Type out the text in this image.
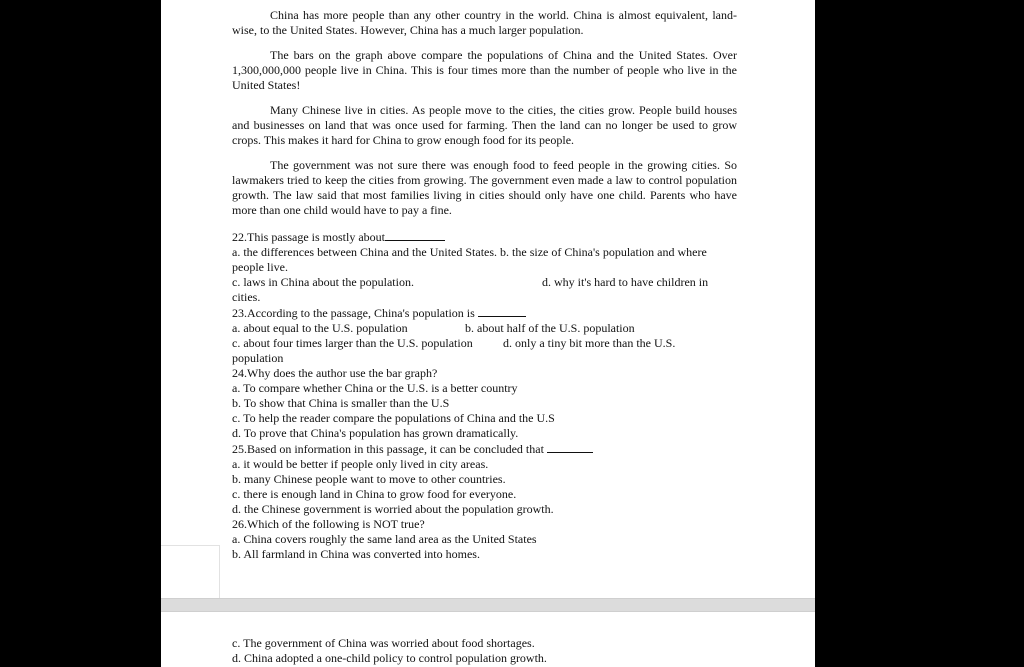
China has more people than any other country in the world. China is almost equivalent, land-wise, to the United States. However, China has a much larger population.

The bars on the graph above compare the populations of China and the United States. Over 1,300,000,000 people live in China. This is four times more than the number of people who live in the United States!

Many Chinese live in cities. As people move to the cities, the cities grow. People build houses and businesses on land that was once used for farming. Then the land can no longer be used to grow crops. This makes it hard for China to grow enough food for its people.

The government was not sure there was enough food to feed people in the growing cities. So lawmakers tried to keep the cities from growing. The government even made a law to control population growth. The law said that most families living in cities should only have one child. Parents who have more than one child would have to pay a fine.

22.This passage is mostly about

a. the differences between China and the United States. b. the size of China's population and where people live.

c. laws in China about the population.	d. why it's hard to have children in

cities.

23.According to the passage, China's population is

a. about equal to the U.S. population	b. about half of the U.S. population
c. about four times larger than the U.S. population	d. only a tiny bit more than the U.S.

population

24.Why does the author use the bar graph?

a. To compare whether China or the U.S. is a better country

b. To show that China is smaller than the U.S

c. To help the reader compare the populations of China and the U.S

d. To prove that China's population has grown dramatically.

25.Based on information in this passage, it can be concluded that

a. it would be better if people only lived in city areas.

b. many Chinese people want to move to other countries.

c. there is enough land in China to grow food for everyone.

d. the Chinese government is worried about the population growth.

26.Which of the following is NOT true?

a. China covers roughly the same land area as the United States

b. All farmland in China was converted into homes.

c. The government of China was worried about food shortages.

d. China adopted a one-child policy to control population growth.
